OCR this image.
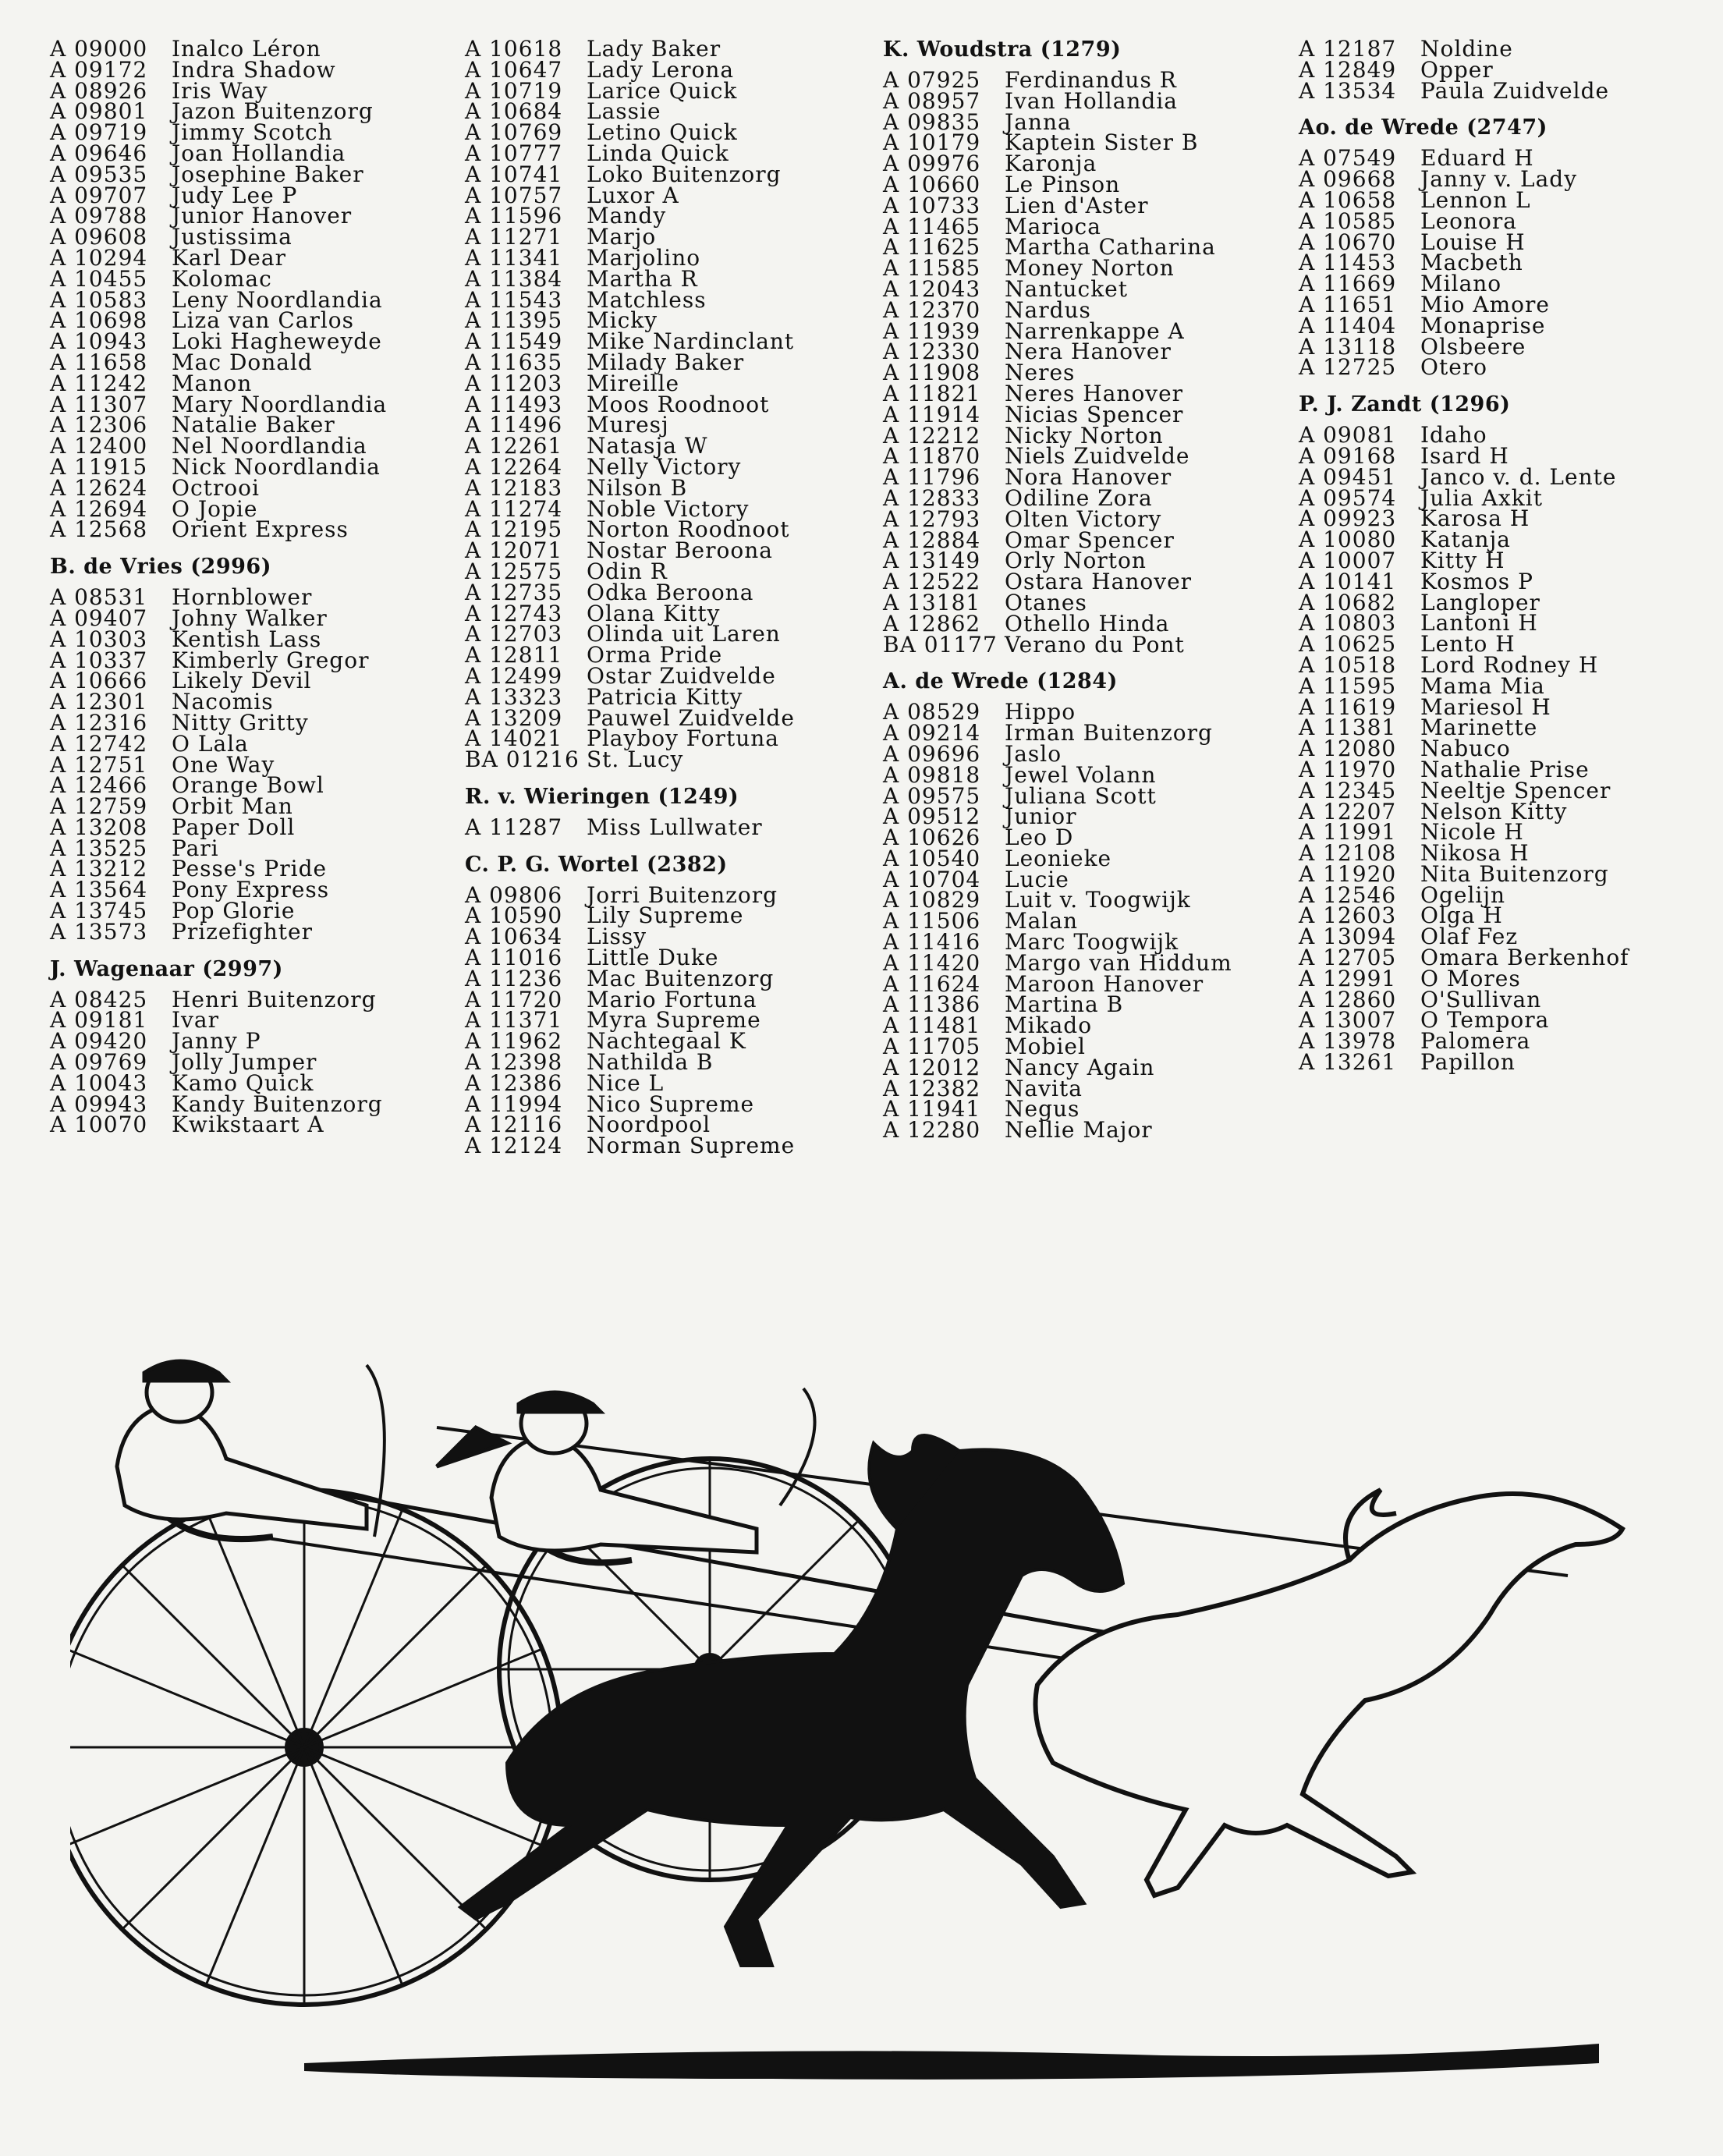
A 09000 Inalco Léron
A 09172 Indra Shadow
A 08926 Iris Way
A 09801 Jazon Buitenzorg
A 09719 Jimmy Scotch
A 09646 Joan Hollandia
A 09535 Josephine Baker
A 09707 Judy Lee P
A 09788 Junior Hanover
A 09608 Justissima
A 10294 Karl Dear
A 10455 Kolomac
A 10583 Leny Noordlandia
A 10698 Liza van Carlos
A 10943 Loki Hagheweyde
A 11658 Mac Donald
A 11242 Manon
A 11307 Mary Noordlandia
A 12306 Natalie Baker
A 12400 Nel Noordlandia
A 11915 Nick Noordlandia
A 12624 Octrooi
A 12694 O Jopie
A 12568 Orient Express
B. de Vries (2996)
A 08531 Hornblower
A 09407 Johny Walker
A 10303 Kentish Lass
A 10337 Kimberly Gregor
A 10666 Likely Devil
A 12301 Nacomis
A 12316 Nitty Gritty
A 12742 O Lala
A 12751 One Way
A 12466 Orange Bowl
A 12759 Orbit Man
A 13208 Paper Doll
A 13525 Pari
A 13212 Pesse's Pride
A 13564 Pony Express
A 13745 Pop Glorie
A 13573 Prizefighter
J. Wagenaar (2997)
A 08425 Henri Buitenzorg
A 09181 Ivar
A 09420 Janny P
A 09769 Jolly Jumper
A 10043 Kamo Quick
A 09943 Kandy Buitenzorg
A 10070 Kwikstaart A
A 10618 Lady Baker
A 10647 Lady Lerona
A 10719 Larice Quick
A 10684 Lassie
A 10769 Letino Quick
A 10777 Linda Quick
A 10741 Loko Buitenzorg
A 10757 Luxor A
A 11596 Mandy
A 11271 Marjo
A 11341 Marjolino
A 11384 Martha R
A 11543 Matchless
A 11395 Micky
A 11549 Mike Nardinclant
A 11635 Milady Baker
A 11203 Mireille
A 11493 Moos Roodnoot
A 11496 Muresj
A 12261 Natasja W
A 12264 Nelly Victory
A 12183 Nilson B
A 11274 Noble Victory
A 12195 Norton Roodnoot
A 12071 Nostar Beroona
A 12575 Odin R
A 12735 Odka Beroona
A 12743 Olana Kitty
A 12703 Olinda uit Laren
A 12811 Orma Pride
A 12499 Ostar Zuidvelde
A 13323 Patricia Kitty
A 13209 Pauwel Zuidvelde
A 14021 Playboy Fortuna
BA 01216 St. Lucy
R. v. Wieringen (1249)
A 11287 Miss Lullwater
C. P. G. Wortel (2382)
A 09806 Jorri Buitenzorg
A 10590 Lily Supreme
A 10634 Lissy
A 11016 Little Duke
A 11236 Mac Buitenzorg
A 11720 Mario Fortuna
A 11371 Myra Supreme
A 11962 Nachtegaal K
A 12398 Nathilda B
A 12386 Nice L
A 11994 Nico Supreme
A 12116 Noordpool
A 12124 Norman Supreme
K. Woudstra (1279)
A 07925 Ferdinandus R
A 08957 Ivan Hollandia
A 09835 Janna
A 10179 Kaptein Sister B
A 09976 Karonja
A 10660 Le Pinson
A 10733 Lien d'Aster
A 11465 Marioca
A 11625 Martha Catharina
A 11585 Money Norton
A 12043 Nantucket
A 12370 Nardus
A 11939 Narrenkappe A
A 12330 Nera Hanover
A 11908 Neres
A 11821 Neres Hanover
A 11914 Nicias Spencer
A 12212 Nicky Norton
A 11870 Niels Zuidvelde
A 11796 Nora Hanover
A 12833 Odiline Zora
A 12793 Olten Victory
A 12884 Omar Spencer
A 13149 Orly Norton
A 12522 Ostara Hanover
A 13181 Otanes
A 12862 Othello Hinda
BA 01177 Verano du Pont
A. de Wrede (1284)
A 08529 Hippo
A 09214 Irman Buitenzorg
A 09696 Jaslo
A 09818 Jewel Volann
A 09575 Juliana Scott
A 09512 Junior
A 10626 Leo D
A 10540 Leonieke
A 10704 Lucie
A 10829 Luit v. Toogwijk
A 11506 Malan
A 11416 Marc Toogwijk
A 11420 Margo van Hiddum
A 11624 Maroon Hanover
A 11386 Martina B
A 11481 Mikado
A 11705 Mobiel
A 12012 Nancy Again
A 12382 Navita
A 11941 Negus
A 12280 Nellie Major
A 12187 Noldine
A 12849 Opper
A 13534 Paula Zuidvelde
Ao. de Wrede (2747)
A 07549 Eduard H
A 09668 Janny v. Lady
A 10658 Lennon L
A 10585 Leonora
A 10670 Louise H
A 11453 Macbeth
A 11669 Milano
A 11651 Mio Amore
A 11404 Monaprise
A 13118 Olsbeere
A 12725 Otero
P. J. Zandt (1296)
A 09081 Idaho
A 09168 Isard H
A 09451 Janco v. d. Lente
A 09574 Julia Axkit
A 09923 Karosa H
A 10080 Katanja
A 10007 Kitty H
A 10141 Kosmos P
A 10682 Langloper
A 10803 Lantoni H
A 10625 Lento H
A 10518 Lord Rodney H
A 11595 Mama Mia
A 11619 Mariesol H
A 11381 Marinette
A 12080 Nabuco
A 11970 Nathalie Prise
A 12345 Neeltje Spencer
A 12207 Nelson Kitty
A 11991 Nicole H
A 12108 Nikosa H
A 11920 Nita Buitenzorg
A 12546 Ogelijn
A 12603 Olga H
A 13094 Olaf Fez
A 12705 Omara Berkenhof
A 12991 O Mores
A 12860 O'Sullivan
A 13007 O Tempora
A 13978 Palomera
A 13261 Papillon
